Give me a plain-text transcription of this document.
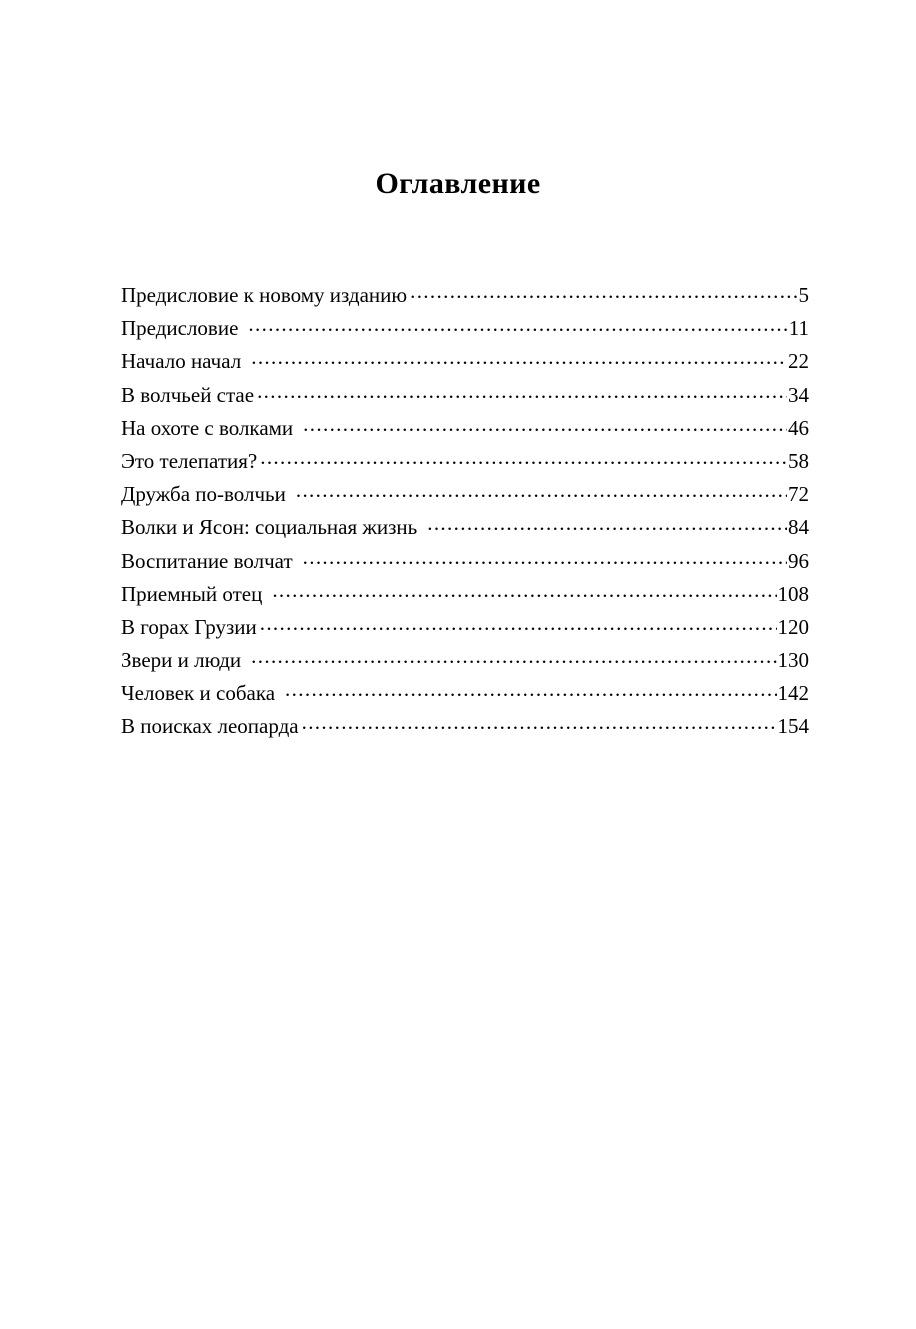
Оглавление
Предисловие к новому изданию .....	5
Предисловие .....	11
Начало начал .....	22
В волчьей стае .....	34
На охоте с волками .....	46
Это телепатия? .....	58
Дружба по-волчьи .....	72
Волки и Ясон: социальная жизнь .....	84
Воспитание волчат .....	96
Приемный отец .....	108
В горах Грузии .....	120
Звери и люди .....	130
Человек и собака .....	142
В поисках леопарда .....	154
